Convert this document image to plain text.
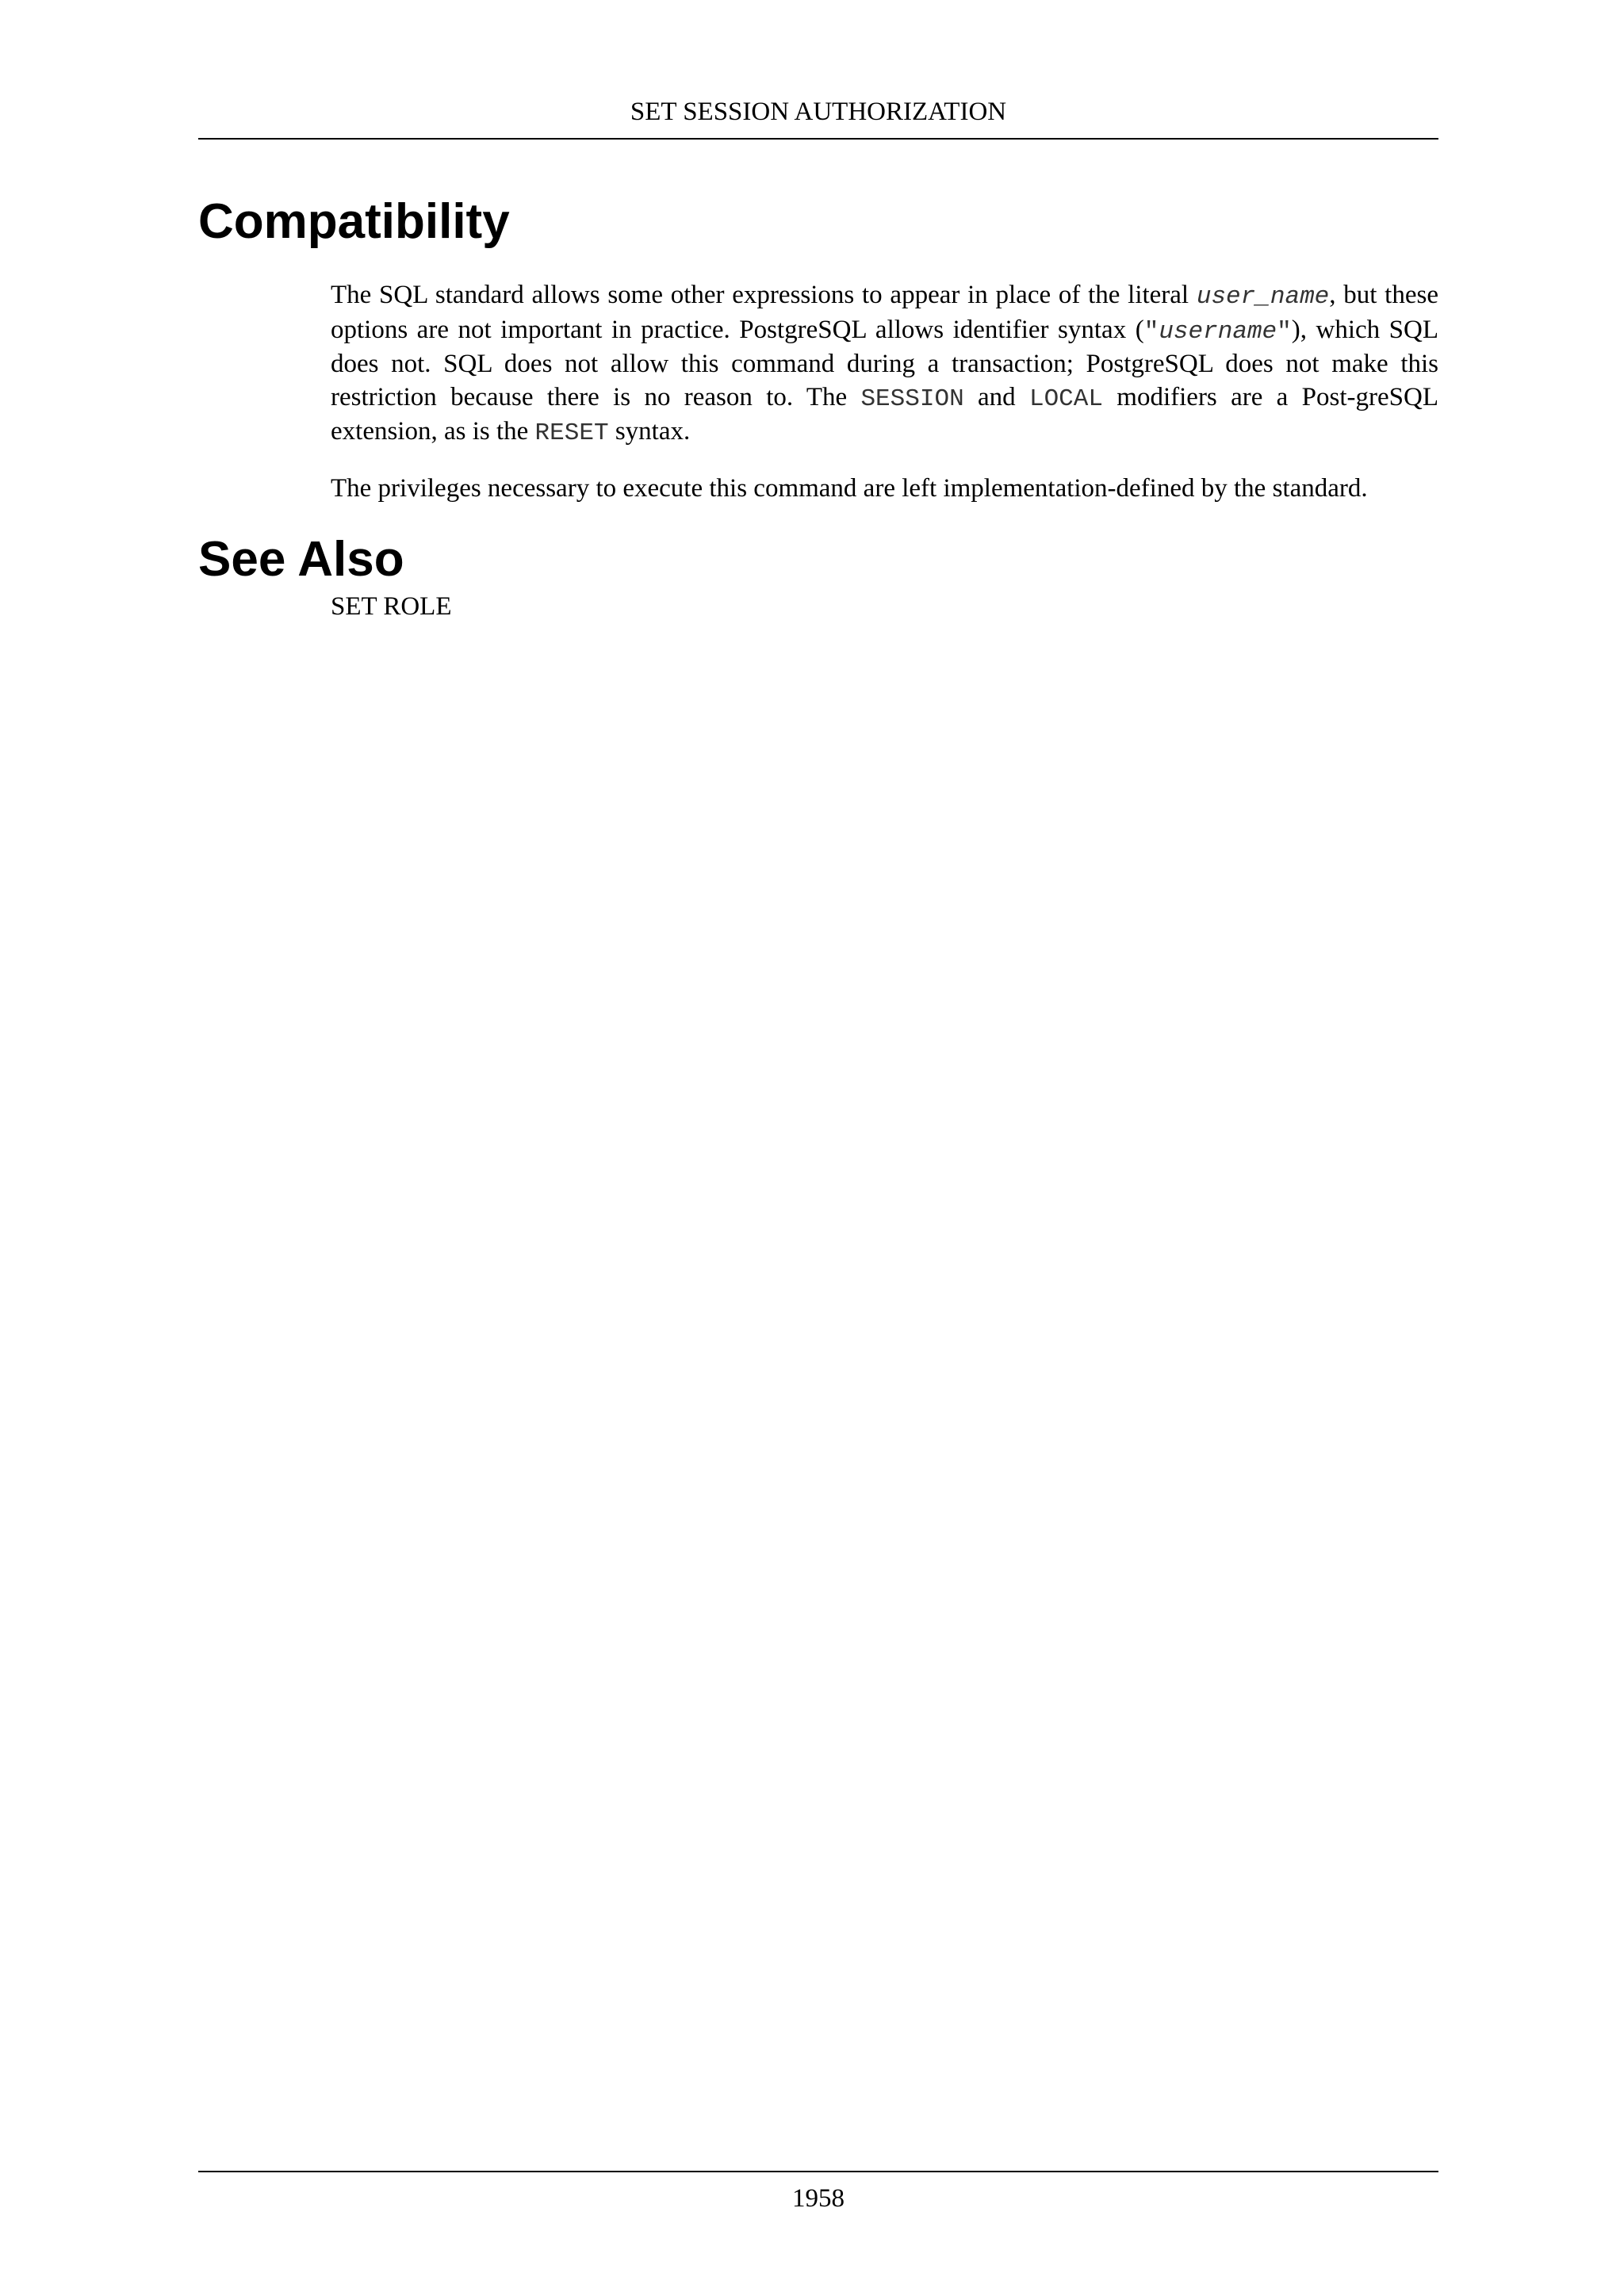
SET SESSION AUTHORIZATION
Compatibility

The SQL standard allows some other expressions to appear in place of the literal user_name, but these options are not important in practice. PostgreSQL allows identifier syntax ("username"), which SQL does not. SQL does not allow this command during a transaction; PostgreSQL does not make this restriction because there is no reason to. The SESSION and LOCAL modifiers are a Post-greSQL extension, as is the RESET syntax.

The privileges necessary to execute this command are left implementation-defined by the standard.

See Also
SET ROLE
1958
